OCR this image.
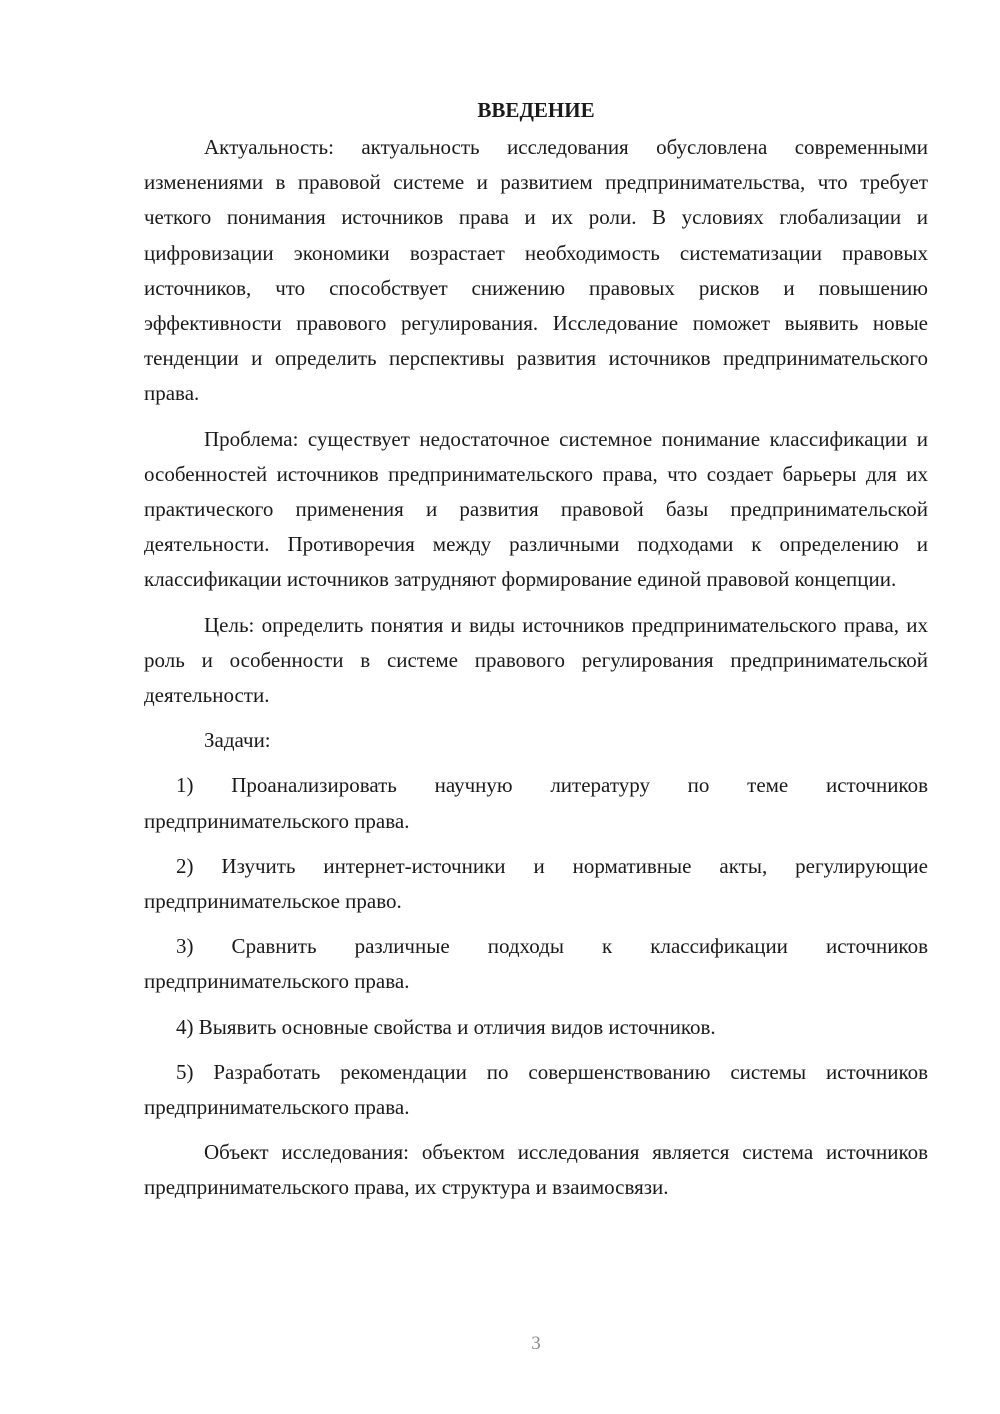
ВВЕДЕНИЕ

Актуальность: актуальность исследования обусловлена современными изменениями в правовой системе и развитием предпринимательства, что требует четкого понимания источников права и их роли. В условиях глобализации и цифровизации экономики возрастает необходимость систематизации правовых источников, что способствует снижению правовых рисков и повышению эффективности правового регулирования. Исследование поможет выявить новые тенденции и определить перспективы развития источников предпринимательского права.

Проблема: существует недостаточное системное понимание классификации и особенностей источников предпринимательского права, что создает барьеры для их практического применения и развития правовой базы предпринимательской деятельности. Противоречия между различными подходами к определению и классификации источников затрудняют формирование единой правовой концепции.

Цель: определить понятия и виды источников предпринимательского права, их роль и особенности в системе правового регулирования предпринимательской деятельности.

Задачи:

1) Проанализировать научную литературу по теме источников предпринимательского права.

2) Изучить интернет-источники и нормативные акты, регулирующие предпринимательское право.

3) Сравнить различные подходы к классификации источников предпринимательского права.

4) Выявить основные свойства и отличия видов источников.

5) Разработать рекомендации по совершенствованию системы источников предпринимательского права.

Объект исследования: объектом исследования является система источников предпринимательского права, их структура и взаимосвязи.

3
